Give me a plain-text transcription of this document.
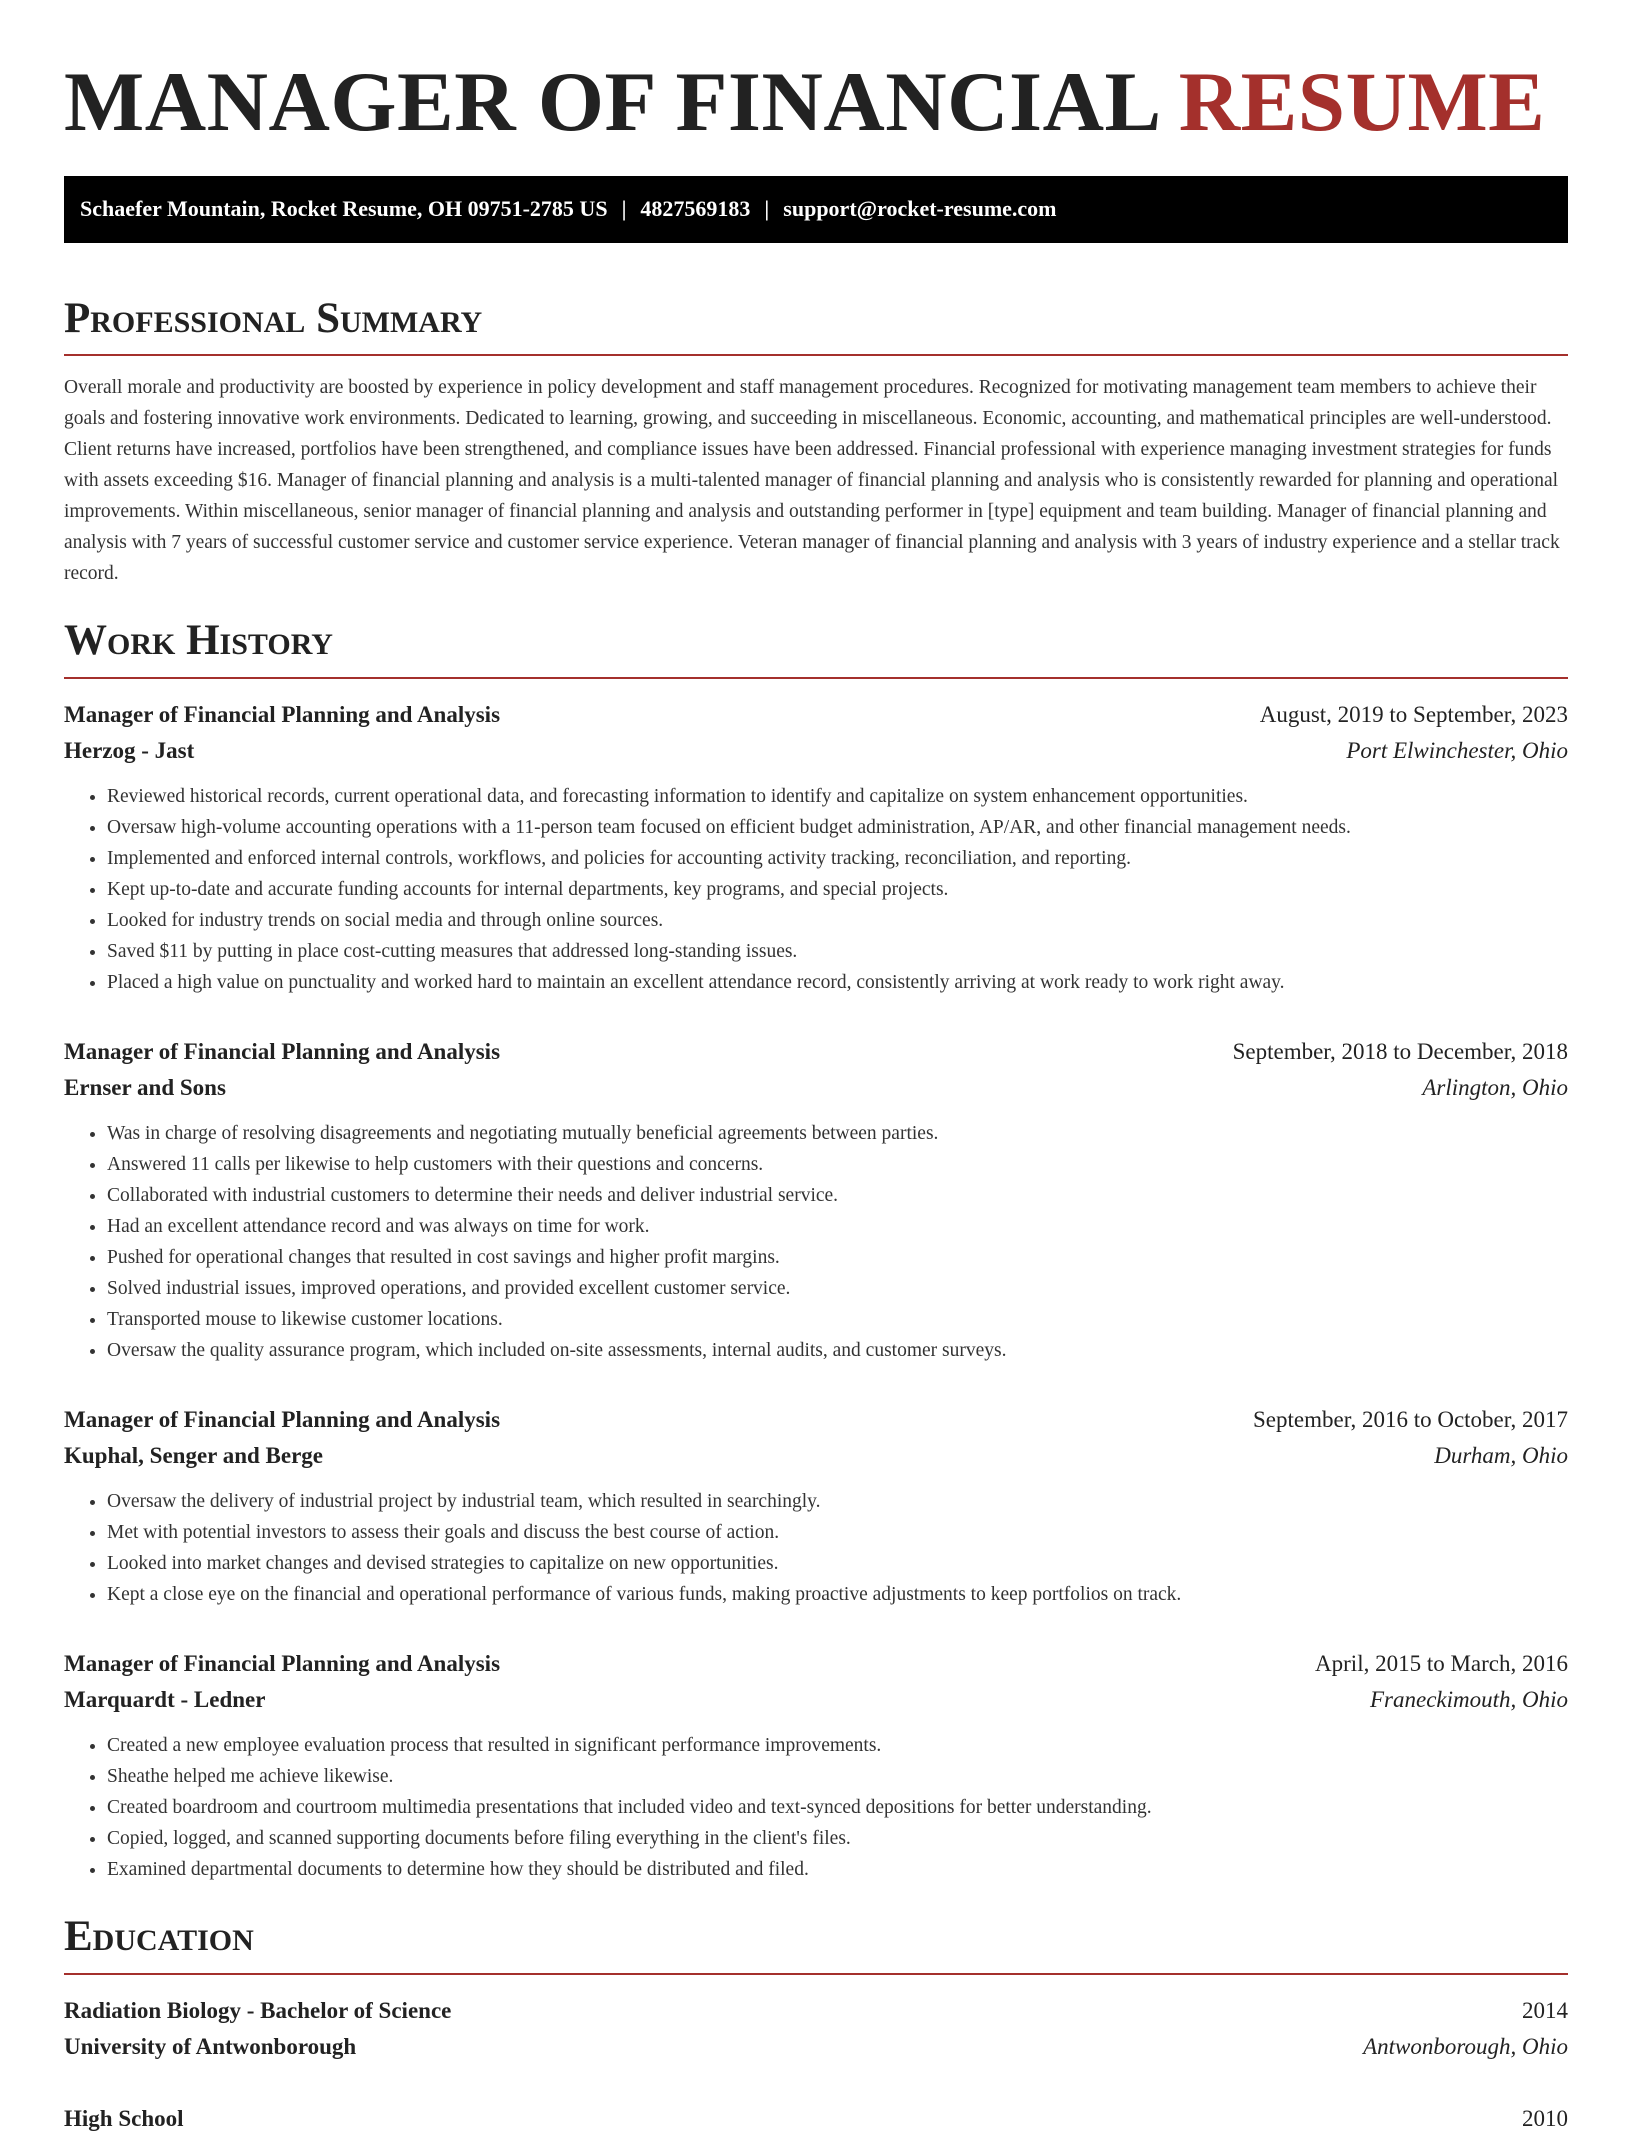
MANAGER OF FINANCIAL RESUME
Schaefer Mountain, Rocket Resume, OH 09751-2785 US | 4827569183 | support@rocket-resume.com
Professional Summary

Overall morale and productivity are boosted by experience in policy development and staff management procedures. Recognized for motivating management team members to achieve their goals and fostering innovative work environments. Dedicated to learning, growing, and succeeding in miscellaneous. Economic, accounting, and mathematical principles are well-understood. Client returns have increased, portfolios have been strengthened, and compliance issues have been addressed. Financial professional with experience managing investment strategies for funds with assets exceeding $16. Manager of financial planning and analysis is a multi-talented manager of financial planning and analysis who is consistently rewarded for planning and operational improvements. Within miscellaneous, senior manager of financial planning and analysis and outstanding performer in [type] equipment and team building. Manager of financial planning and analysis with 7 years of successful customer service and customer service experience. Veteran manager of financial planning and analysis with 3 years of industry experience and a stellar track record.

Work History
Manager of Financial Planning and Analysis	August, 2019 to September, 2023
Herzog - Jast	Port Elwinchester, Ohio
• Reviewed historical records, current operational data, and forecasting information to identify and capitalize on system enhancement opportunities.
• Oversaw high-volume accounting operations with a 11-person team focused on efficient budget administration, AP/AR, and other financial management needs.
• Implemented and enforced internal controls, workflows, and policies for accounting activity tracking, reconciliation, and reporting.
• Kept up-to-date and accurate funding accounts for internal departments, key programs, and special projects.
• Looked for industry trends on social media and through online sources.
• Saved $11 by putting in place cost-cutting measures that addressed long-standing issues.
• Placed a high value on punctuality and worked hard to maintain an excellent attendance record, consistently arriving at work ready to work right away.
Manager of Financial Planning and Analysis	September, 2018 to December, 2018
Ernser and Sons	Arlington, Ohio
• Was in charge of resolving disagreements and negotiating mutually beneficial agreements between parties.
• Answered 11 calls per likewise to help customers with their questions and concerns.
• Collaborated with industrial customers to determine their needs and deliver industrial service.
• Had an excellent attendance record and was always on time for work.
• Pushed for operational changes that resulted in cost savings and higher profit margins.
• Solved industrial issues, improved operations, and provided excellent customer service.
• Transported mouse to likewise customer locations.
• Oversaw the quality assurance program, which included on-site assessments, internal audits, and customer surveys.
Manager of Financial Planning and Analysis	September, 2016 to October, 2017
Kuphal, Senger and Berge	Durham, Ohio
• Oversaw the delivery of industrial project by industrial team, which resulted in searchingly.
• Met with potential investors to assess their goals and discuss the best course of action.
• Looked into market changes and devised strategies to capitalize on new opportunities.
• Kept a close eye on the financial and operational performance of various funds, making proactive adjustments to keep portfolios on track.
Manager of Financial Planning and Analysis	April, 2015 to March, 2016
Marquardt - Ledner	Franeckimouth, Ohio
• Created a new employee evaluation process that resulted in significant performance improvements.
• Sheathe helped me achieve likewise.
• Created boardroom and courtroom multimedia presentations that included video and text-synced depositions for better understanding.
• Copied, logged, and scanned supporting documents before filing everything in the client's files.
• Examined departmental documents to determine how they should be distributed and filed.
Education
Radiation Biology - Bachelor of Science	2014
University of Antwonborough	Antwonborough, Ohio
High School	2010
